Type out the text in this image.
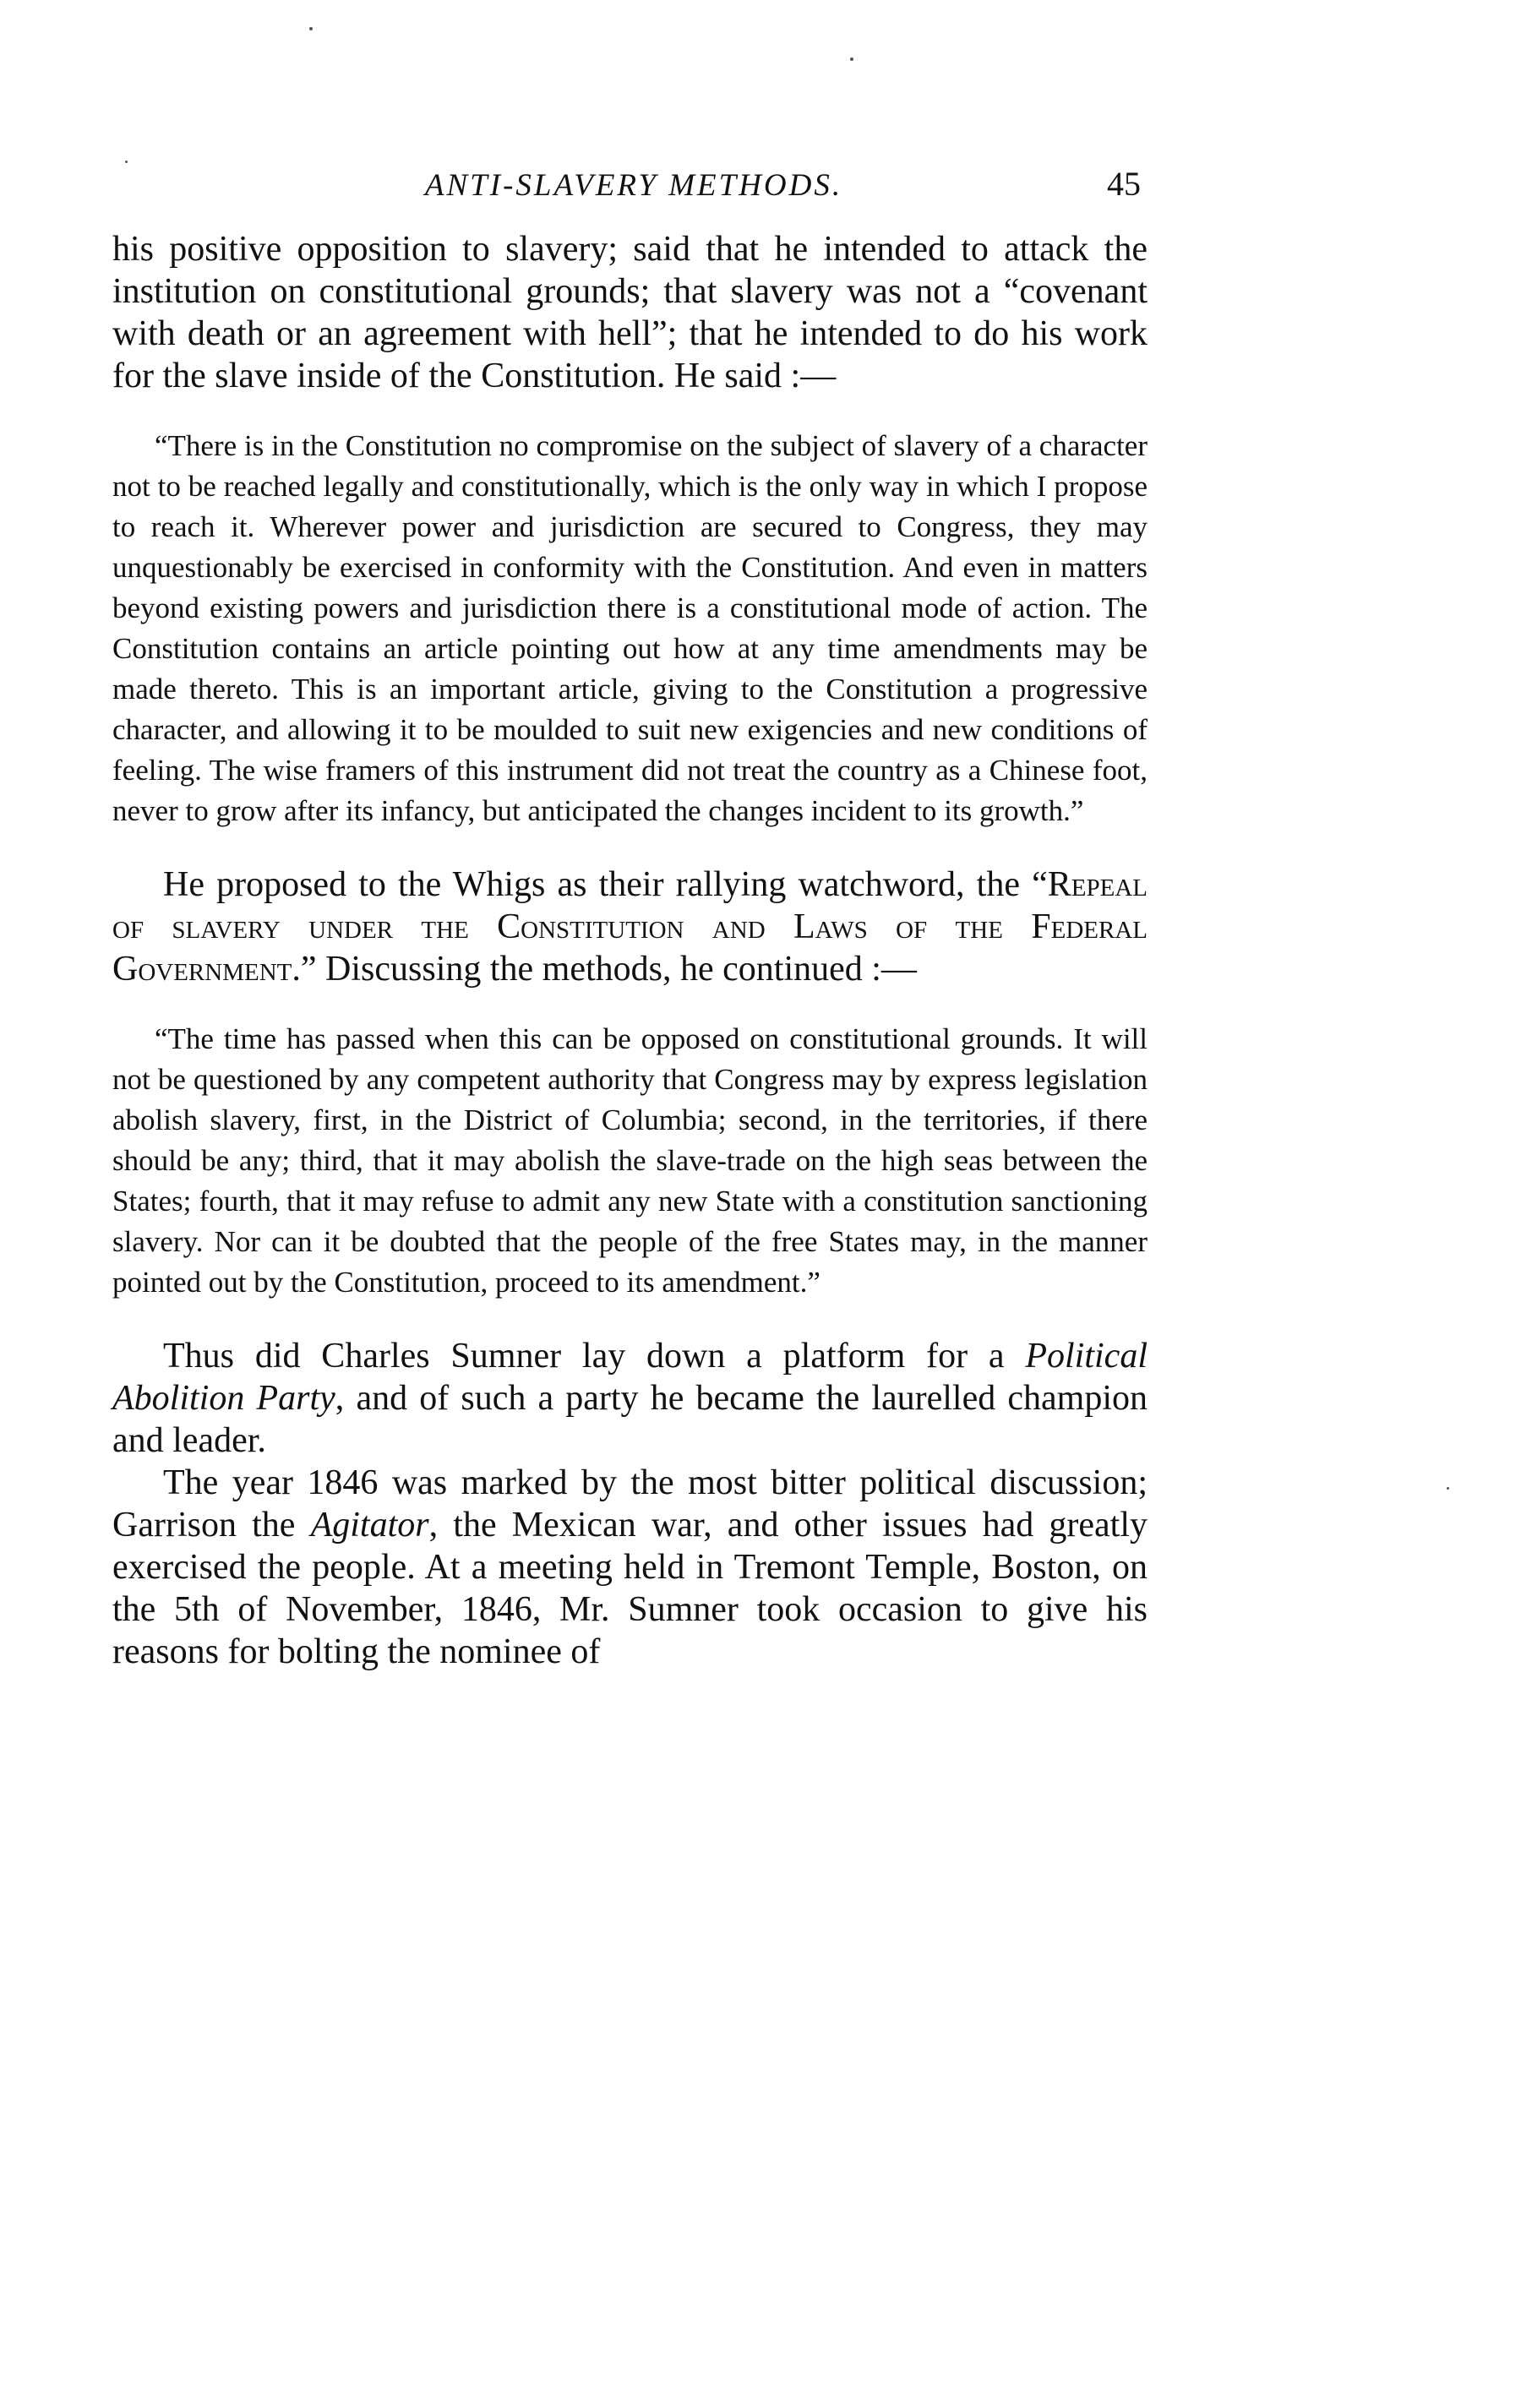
ANTI-SLAVERY METHODS.	45

his positive opposition to slavery; said that he intended to attack the institution on constitutional grounds; that slavery was not a “covenant with death or an agreement with hell”; that he intended to do his work for the slave inside of the Constitution. He said :—

“There is in the Constitution no compromise on the subject of slavery of a character not to be reached legally and constitutionally, which is the only way in which I propose to reach it. Wherever power and jurisdiction are secured to Congress, they may unquestionably be exercised in conformity with the Constitution. And even in matters beyond existing powers and jurisdiction there is a constitutional mode of action. The Constitution contains an article pointing out how at any time amendments may be made thereto. This is an important article, giving to the Constitution a progressive character, and allowing it to be moulded to suit new exigencies and new conditions of feeling. The wise framers of this instrument did not treat the country as a Chinese foot, never to grow after its infancy, but anticipated the changes incident to its growth.”

He proposed to the Whigs as their rallying watchword, the “Repeal of slavery under the Constitution and Laws of the Federal Government.” Discussing the methods, he continued :—

“The time has passed when this can be opposed on constitutional grounds. It will not be questioned by any competent authority that Congress may by express legislation abolish slavery, first, in the District of Columbia; second, in the territories, if there should be any; third, that it may abolish the slave-trade on the high seas between the States; fourth, that it may refuse to admit any new State with a constitution sanctioning slavery. Nor can it be doubted that the people of the free States may, in the manner pointed out by the Constitution, proceed to its amendment.”

Thus did Charles Sumner lay down a platform for a Political Abolition Party, and of such a party he became the laurelled champion and leader.

The year 1846 was marked by the most bitter political discussion; Garrison the Agitator, the Mexican war, and other issues had greatly exercised the people. At a meeting held in Tremont Temple, Boston, on the 5th of November, 1846, Mr. Sumner took occasion to give his reasons for bolting the nominee of
